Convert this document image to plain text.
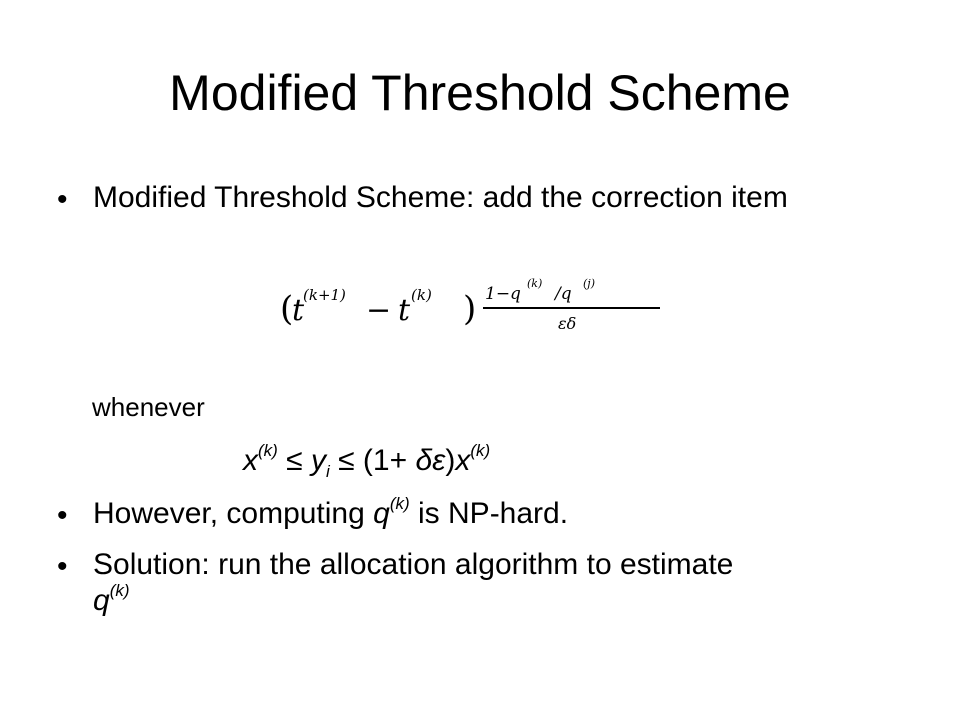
Modified Threshold Scheme
• Modified Threshold Scheme: add the correction item
(
t
(k+1) − t (k) ) 1−q
(k)
/q
(j)
εδ
whenever
$x^{(k)} \le y_i \le (1+ \delta\varepsilon)x^{(k)}$
• However, computing $q^{(k)}$ is NP-hard.
• Solution: run the allocation algorithm to estimate
$q^{(k)}$
